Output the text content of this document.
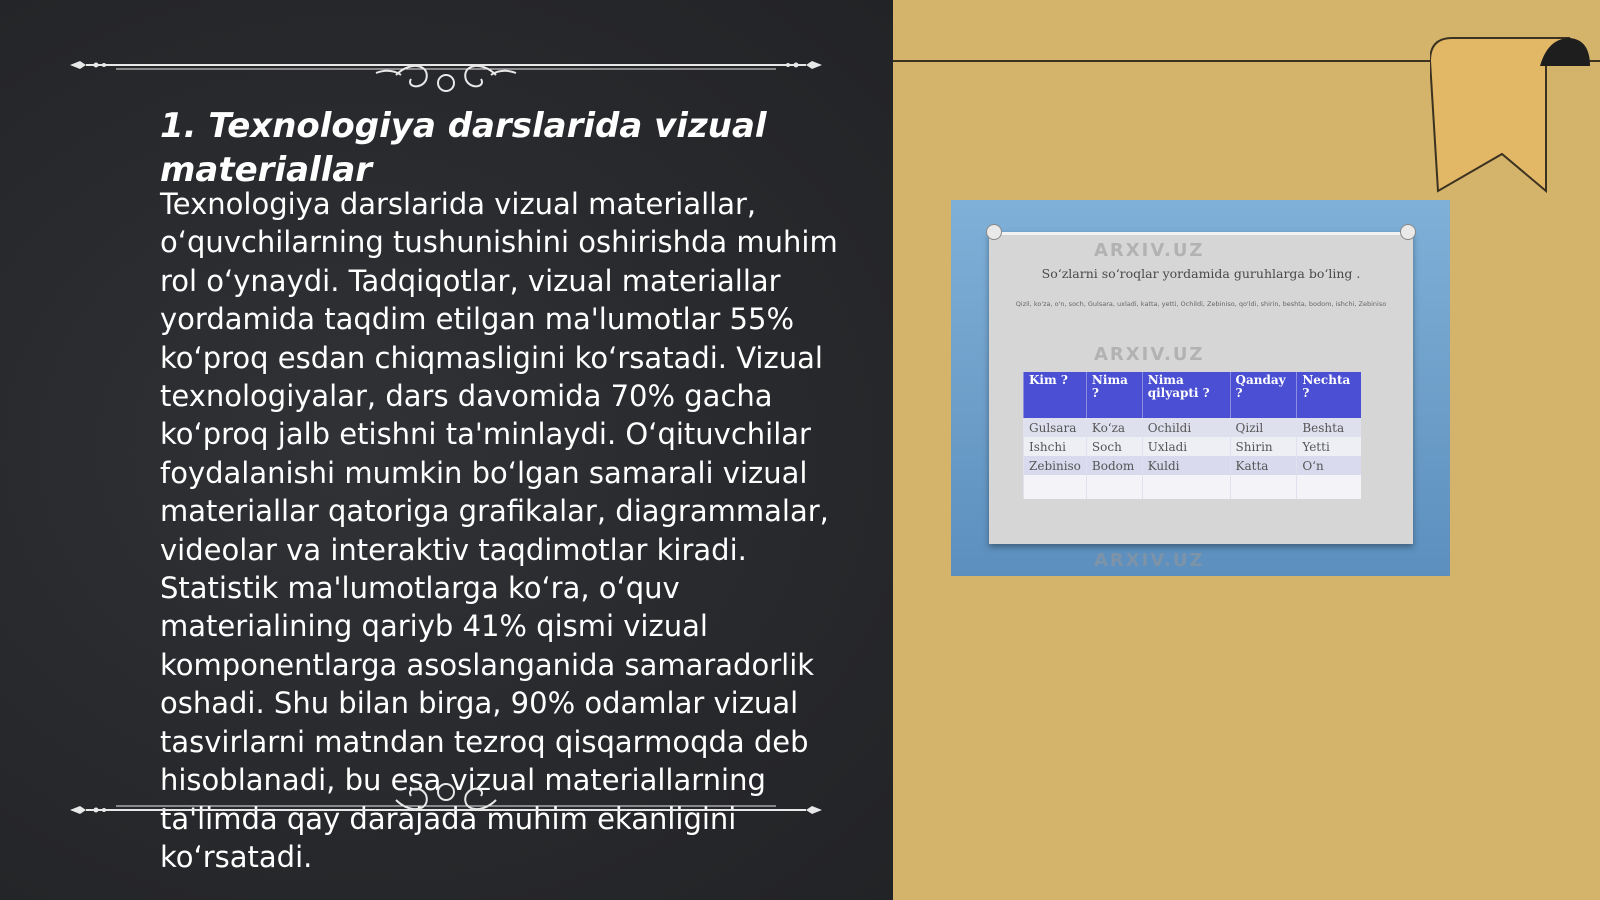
1. Texnologiya darslarida vizual materiallar

Texnologiya darslarida vizual materiallar, oʻquvchilarning tushunishini oshirishda muhim rol oʻynaydi. Tadqiqotlar, vizual materiallar yordamida taqdim etilgan ma'lumotlar 55% koʻproq esdan chiqmasligini koʻrsatadi. Vizual texnologiyalar, dars davomida 70% gacha koʻproq jalb etishni ta'minlaydi. Oʻqituvchilar foydalanishi mumkin boʻlgan samarali vizual materiallar qatoriga grafikalar, diagrammalar, videolar va interaktiv taqdimotlar kiradi. Statistik ma'lumotlarga koʻra, oʻquv materialining qariyb 41% qismi vizual komponentlarga asoslanganida samaradorlik oshadi. Shu bilan birga, 90% odamlar vizual tasvirlarni matndan tezroq qisqarmoqda deb hisoblanadi, bu esa vizual materiallarning ta'limda qay darajada muhim ekanligini koʻrsatadi.

ARXIV.UZ
ARXIV.UZ

So‘zlarni so‘roqlar yordamida guruhlarga bo‘ling .

Qizil, ko'za, o'n, soch, Gulsara, uxladi, katta, yetti, Ochildi, Zebiniso, qo'ldi, shirin, beshta, bodom, ishchi, Zebiniso

Kim ?	Nima ?	Nima qilyapti ?	Qanday ?	Nechta ?
Gulsara	Ko‘za	Ochildi	Qizil	Beshta
Ishchi	Soch	Uxladi	Shirin	Yetti
Zebiniso	Bodom	Kuldi	Katta	O‘n

ARXIV.UZ
